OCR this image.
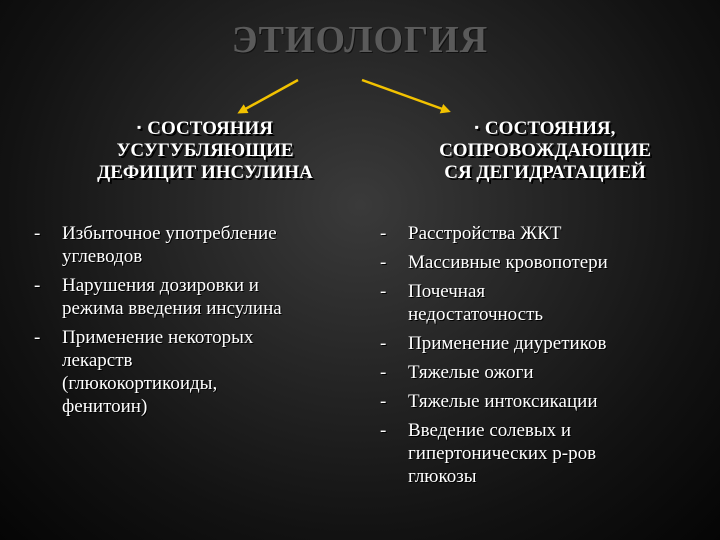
ЭТИОЛОГИЯ
▪ СОСТОЯНИЯ
УСУГУБЛЯЮЩИЕ
ДЕФИЦИТ ИНСУЛИНА
▪ СОСТОЯНИЯ,
СОПРОВОЖДАЮЩИЕ
СЯ ДЕГИДРАТАЦИЕЙ
- Избыточное употребление
углеводов
- Нарушения дозировки и
режима введения инсулина
- Применение некоторых
лекарств
(глюкокортикоиды,
фенитоин)
- Расстройства ЖКТ
- Массивные кровопотери
- Почечная
недостаточность
- Применение диуретиков
- Тяжелые ожоги
- Тяжелые интоксикации
- Введение солевых и
гипертонических р-ров
глюкозы
